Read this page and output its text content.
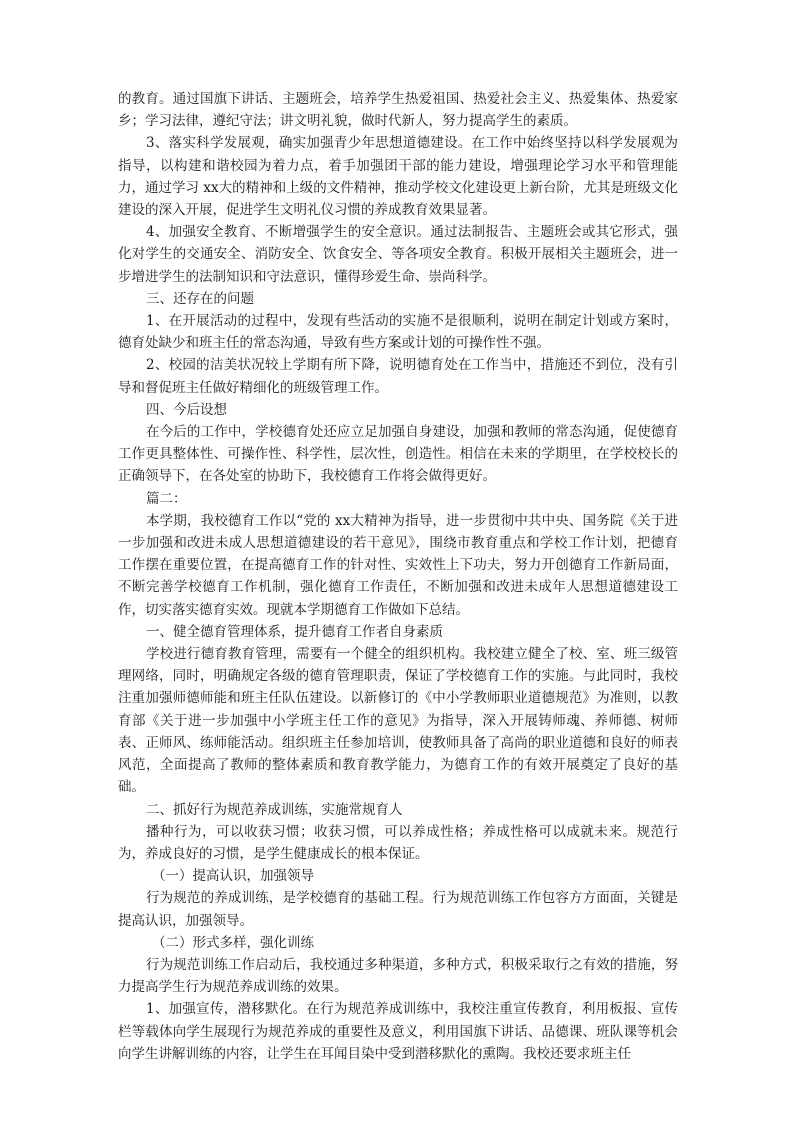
的教育。通过国旗下讲话、主题班会，培养学生热爱祖国、热爱社会主义、热爱集体、热爱家乡；学习法律，遵纪守法；讲文明礼貌，做时代新人，努力提高学生的素质。

3、落实科学发展观，确实加强青少年思想道德建设。在工作中始终坚持以科学发展观为指导，以构建和谐校园为着力点，着手加强团干部的能力建设，增强理论学习水平和管理能力，通过学习 xx大的精神和上级的文件精神，推动学校文化建设更上新台阶，尤其是班级文化建设的深入开展，促进学生文明礼仪习惯的养成教育效果显著。

4、加强安全教育、不断增强学生的安全意识。通过法制报告、主题班会或其它形式，强化对学生的交通安全、消防安全、饮食安全、等各项安全教育。积极开展相关主题班会，进一步增进学生的法制知识和守法意识，懂得珍爱生命、崇尚科学。

三、还存在的问题

1、在开展活动的过程中，发现有些活动的实施不是很顺利，说明在制定计划或方案时，德育处缺少和班主任的常态沟通，导致有些方案或计划的可操作性不强。

2、校园的洁美状况较上学期有所下降，说明德育处在工作当中，措施还不到位，没有引导和督促班主任做好精细化的班级管理工作。

四、今后设想

在今后的工作中，学校德育处还应立足加强自身建设，加强和教师的常态沟通，促使德育工作更具整体性、可操作性、科学性，层次性，创造性。相信在未来的学期里，在学校校长的正确领导下，在各处室的协助下，我校德育工作将会做得更好。

篇二：

本学期，我校德育工作以“党的 xx大精神为指导，进一步贯彻中共中央、国务院《关于进一步加强和改进未成人思想道德建设的若干意见》，围绕市教育重点和学校工作计划，把德育工作摆在重要位置，在提高德育工作的针对性、实效性上下功夫，努力开创德育工作新局面，不断完善学校德育工作机制，强化德育工作责任，不断加强和改进未成年人思想道德建设工作，切实落实德育实效。现就本学期德育工作做如下总结。

一、健全德育管理体系，提升德育工作者自身素质

学校进行德育教育管理，需要有一个健全的组织机构。我校建立健全了校、室、班三级管理网络，同时，明确规定各级的德育管理职责，保证了学校德育工作的实施。与此同时，我校注重加强师德师能和班主任队伍建设。以新修订的《中小学教师职业道德规范》为准则，以教育部《关于进一步加强中小学班主任工作的意见》为指导，深入开展铸师魂、养师德、树师表、正师风、练师能活动。组织班主任参加培训，使教师具备了高尚的职业道德和良好的师表风范，全面提高了教师的整体素质和教育教学能力，为德育工作的有效开展奠定了良好的基础。

二、抓好行为规范养成训练，实施常规育人

播种行为，可以收获习惯；收获习惯，可以养成性格；养成性格可以成就未来。规范行为，养成良好的习惯，是学生健康成长的根本保证。

（一）提高认识，加强领导

行为规范的养成训练，是学校德育的基础工程。行为规范训练工作包容方方面面，关键是提高认识，加强领导。

（二）形式多样，强化训练

行为规范训练工作启动后，我校通过多种渠道，多种方式，积极采取行之有效的措施，努力提高学生行为规范养成训练的效果。

1、加强宣传，潜移默化。在行为规范养成训练中，我校注重宣传教育，利用板报、宣传栏等载体向学生展现行为规范养成的重要性及意义，利用国旗下讲话、品德课、班队课等机会向学生讲解训练的内容，让学生在耳闻目染中受到潜移默化的熏陶。我校还要求班主任
